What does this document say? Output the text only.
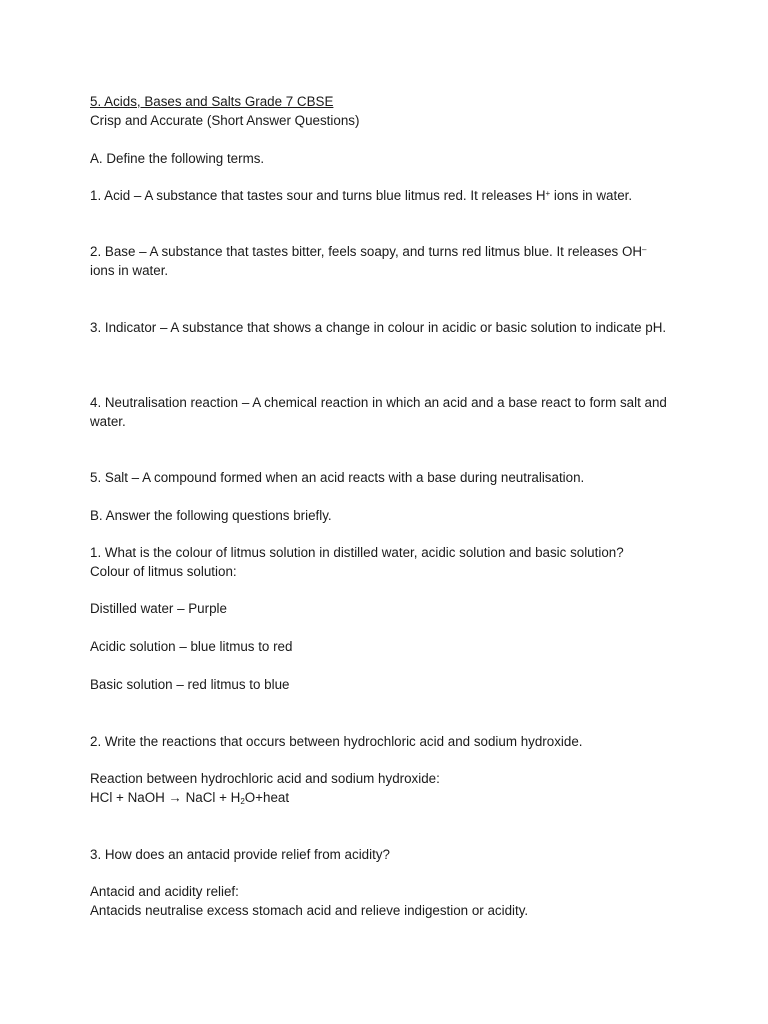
5. Acids, Bases and Salts Grade 7 CBSE
Crisp and Accurate (Short Answer Questions)
A. Define the following terms.
1. Acid – A substance that tastes sour and turns blue litmus red. It releases H+ ions in water.
2. Base – A substance that tastes bitter, feels soapy, and turns red litmus blue. It releases OH– ions in water.
3. Indicator – A substance that shows a change in colour in acidic or basic solution to indicate pH.
4. Neutralisation reaction – A chemical reaction in which an acid and a base react to form salt and water.
5. Salt – A compound formed when an acid reacts with a base during neutralisation.
B. Answer the following questions briefly.
1. What is the colour of litmus solution in distilled water, acidic solution and basic solution?
Colour of litmus solution:
Distilled water – Purple
Acidic solution – blue litmus to red
Basic solution – red litmus to blue
2. Write the reactions that occurs between hydrochloric acid and sodium hydroxide.
Reaction between hydrochloric acid and sodium hydroxide:
HCl + NaOH → NaCl + $H_2O+heat$
3. How does an antacid provide relief from acidity?
Antacid and acidity relief:
Antacids neutralise excess stomach acid and relieve indigestion or acidity.
